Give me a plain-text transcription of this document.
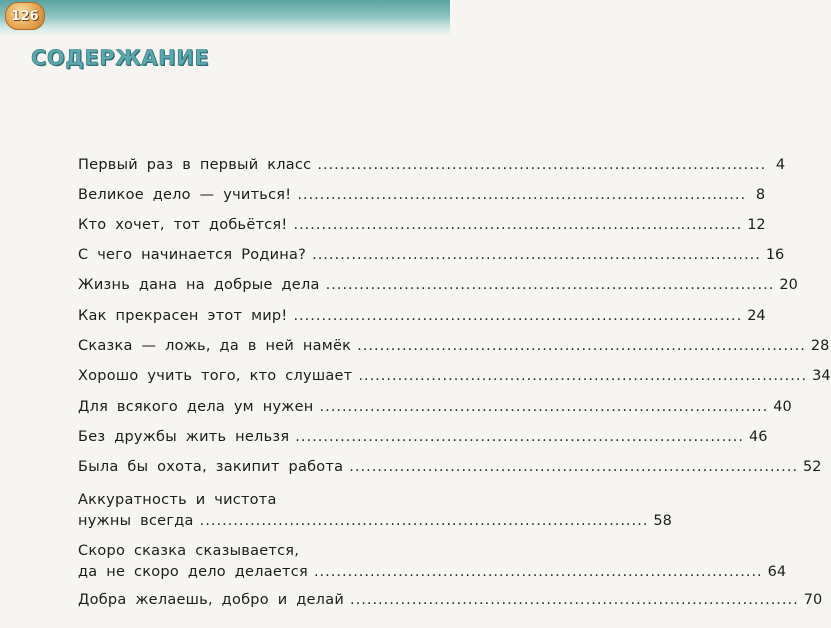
126
СОДЕРЖАНИЕ
Первый раз в первый класс ................................................................................ 4
Великое дело — учиться! ................................................................................ 8
Кто хочет, тот добьётся! ................................................................................ 12
С чего начинается Родина? ................................................................................ 16
Жизнь дана на добрые дела ................................................................................ 20
Как прекрасен этот мир! ................................................................................ 24
Сказка — ложь, да в ней намёк ................................................................................ 28
Хорошо учить того, кто слушает ................................................................................ 34
Для всякого дела ум нужен ................................................................................ 40
Без дружбы жить нельзя ................................................................................ 46
Была бы охота, закипит работа ................................................................................ 52
Аккуратность и чистота
нужны всегда ................................................................................ 58
Скоро сказка сказывается,
да не скоро дело делается ................................................................................ 64
Добра желаешь, добро и делай ................................................................................ 70
